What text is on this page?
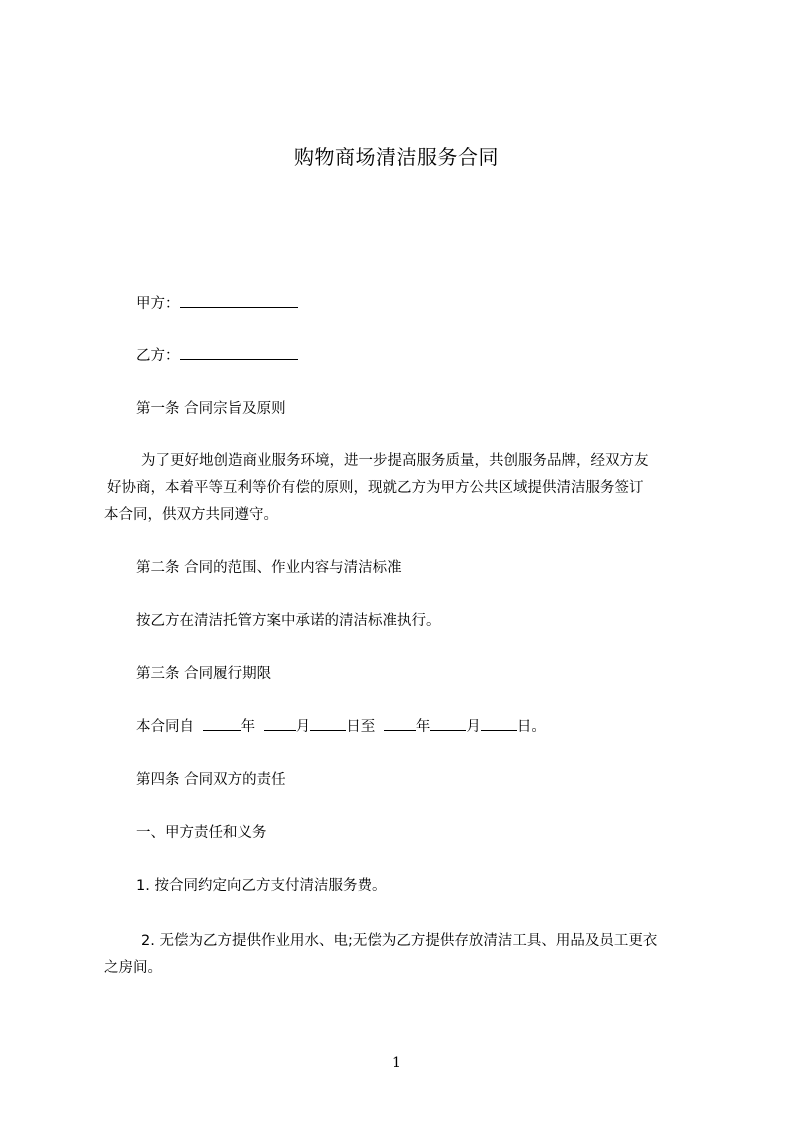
购物商场清洁服务合同
甲方：
乙方：
第一条 合同宗旨及原则
为了更好地创造商业服务环境，进一步提高服务质量，共创服务品牌，经双方友
好协商，本着平等互利等价有偿的原则，现就乙方为甲方公共区域提供清洁服务签订
本合同，供双方共同遵守。
第二条 合同的范围、作业内容与清洁标准
按乙方在清洁托管方案中承诺的清洁标准执行。
第三条 合同履行期限
本合同自	年	月 日至	年 月 日。
第四条 合同双方的责任
一、甲方责任和义务
1. 按合同约定向乙方支付清洁服务费。
2. 无偿为乙方提供作业用水、电;无偿为乙方提供存放清洁工具、用品及员工更衣
之房间。
1
